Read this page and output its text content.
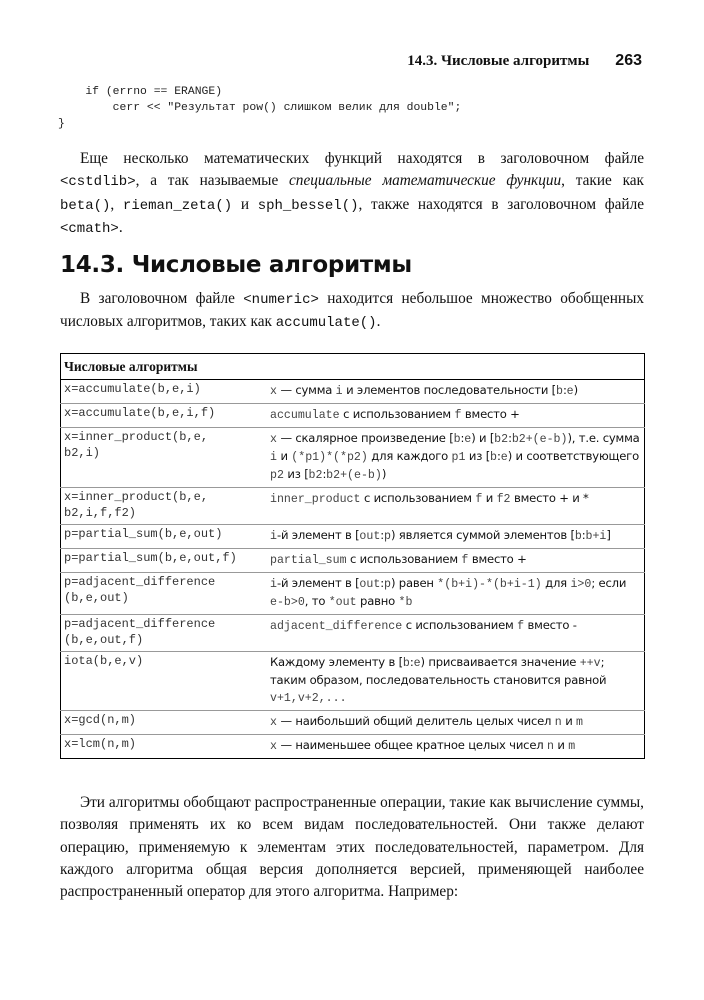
14.3. Числовые алгоритмы 263
if (errno == ERANGE)
cerr << "Результат pow() слишком велик для double";
}

Еще несколько математических функций находятся в заголовочном файле <cstdlib>, а так называемые специальные математические функции, такие как beta(), rieman_zeta() и sph_bessel(), также находятся в заголовочном файле <cmath>.

14.3. Числовые алгоритмы

В заголовочном файле <numeric> находится небольшое множество обобщенных числовых алгоритмов, таких как accumulate().

Числовые алгоритмы	
x=accumulate(b,e,i)	x — сумма i и элементов последовательности [b:e)
x=accumulate(b,e,i,f)	accumulate с использованием f вместо +
x=inner_product(b,e,
b2,i)	x — скалярное произведение [b:e) и [b2:b2+(e-b)), т.е. сумма i и (*p1)*(*p2) для каждого p1 из [b:e) и соответствующего p2 из [b2:b2+(e-b))
x=inner_product(b,e,
b2,i,f,f2)	inner_product с использованием f и f2 вместо + и *
p=partial_sum(b,e,out)	i-й элемент в [out:p) является суммой элементов [b:b+i]
p=partial_sum(b,e,out,f)	partial_sum с использованием f вместо +
p=adjacent_difference
(b,e,out)	i-й элемент в [out:p) равен *(b+i)-*(b+i-1) для i>0; если e-b>0, то *out равно *b
p=adjacent_difference
(b,e,out,f)	adjacent_difference с использованием f вместо -
iota(b,e,v)	Каждому элементу в [b:e) присваивается значение ++v; таким образом, последовательность становится равной v+1,v+2,...
x=gcd(n,m)	x — наибольший общий делитель целых чисел n и m
x=lcm(n,m)	x — наименьшее общее кратное целых чисел n и m

Эти алгоритмы обобщают распространенные операции, такие как вычисление суммы, позволяя применять их ко всем видам последовательностей. Они также делают операцию, применяемую к элементам этих последовательностей, параметром. Для каждого алгоритма общая версия дополняется версией, применяющей наиболее распространенный оператор для этого алгоритма. Например:
